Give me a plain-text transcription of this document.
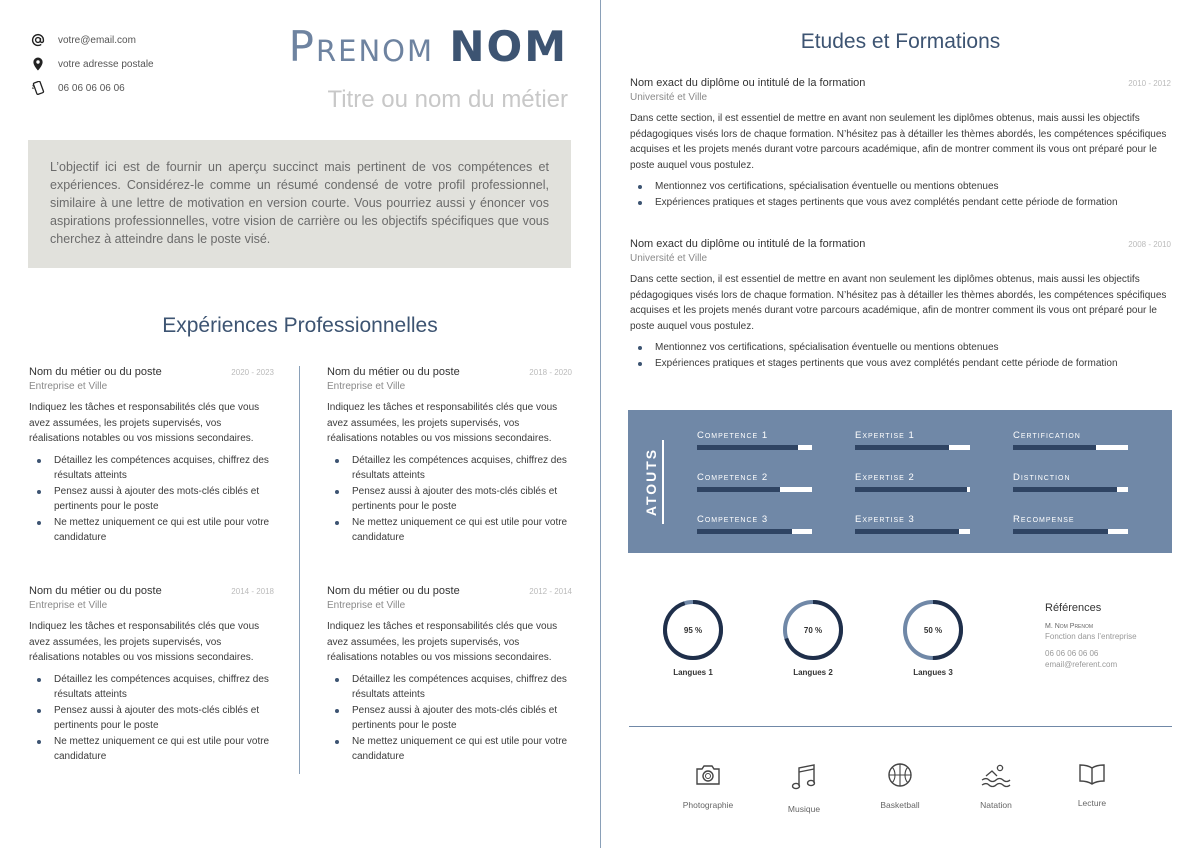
votre@email.com
votre adresse postale
06 06 06 06 06
Prenom NOM
Titre ou nom du métier
L’objectif ici est de fournir un aperçu succinct mais pertinent de vos compétences et expériences. Considérez-le comme un résumé condensé de votre profil professionnel, similaire à une lettre de motivation en version courte. Vous pourriez aussi y énoncer vos aspirations professionnelles, votre vision de carrière ou les objectifs spécifiques que vous cherchez à atteindre dans le poste visé.
Expériences Professionnelles
Nom du métier ou du poste	2020 - 2023
Entreprise et Ville
Indiquez les tâches et responsabilités clés que vous avez assumées, les projets supervisés, vos réalisations notables ou vos missions secondaires.
Détaillez les compétences acquises, chiffrez des résultats atteints
Pensez aussi à ajouter des mots-clés ciblés et pertinents pour le poste
Ne mettez uniquement ce qui est utile pour votre candidature
Nom du métier ou du poste	2018 - 2020
Entreprise et Ville
Indiquez les tâches et responsabilités clés que vous avez assumées, les projets supervisés, vos réalisations notables ou vos missions secondaires.
Détaillez les compétences acquises, chiffrez des résultats atteints
Pensez aussi à ajouter des mots-clés ciblés et pertinents pour le poste
Ne mettez uniquement ce qui est utile pour votre candidature
Nom du métier ou du poste	2014 - 2018
Entreprise et Ville
Indiquez les tâches et responsabilités clés que vous avez assumées, les projets supervisés, vos réalisations notables ou vos missions secondaires.
Détaillez les compétences acquises, chiffrez des résultats atteints
Pensez aussi à ajouter des mots-clés ciblés et pertinents pour le poste
Ne mettez uniquement ce qui est utile pour votre candidature
Nom du métier ou du poste	2012 - 2014
Entreprise et Ville
Indiquez les tâches et responsabilités clés que vous avez assumées, les projets supervisés, vos réalisations notables ou vos missions secondaires.
Détaillez les compétences acquises, chiffrez des résultats atteints
Pensez aussi à ajouter des mots-clés ciblés et pertinents pour le poste
Ne mettez uniquement ce qui est utile pour votre candidature
Etudes et Formations
Nom exact du diplôme ou intitulé de la formation	2010 - 2012
Université et Ville
Dans cette section, il est essentiel de mettre en avant non seulement les diplômes obtenus, mais aussi les objectifs pédagogiques visés lors de chaque formation. N’hésitez pas à détailler les thèmes abordés, les compétences spécifiques acquises et les projets menés durant votre parcours académique, afin de montrer comment ils vous ont préparé pour le poste auquel vous postulez.
Mentionnez vos certifications, spécialisation éventuelle ou mentions obtenues
Expériences pratiques et stages pertinents que vous avez complétés pendant cette période de formation
Nom exact du diplôme ou intitulé de la formation	2008 - 2010
Université et Ville
Dans cette section, il est essentiel de mettre en avant non seulement les diplômes obtenus, mais aussi les objectifs pédagogiques visés lors de chaque formation. N’hésitez pas à détailler les thèmes abordés, les compétences spécifiques acquises et les projets menés durant votre parcours académique, afin de montrer comment ils vous ont préparé pour le poste auquel vous postulez.
Mentionnez vos certifications, spécialisation éventuelle ou mentions obtenues
Expériences pratiques et stages pertinents que vous avez complétés pendant cette période de formation
ATOUTS
Competence 1	Expertise 1	Certification
Competence 2	Expertise 2	Distinction
Competence 3	Expertise 3	Recompense
95 %
Langues 1
70 %
Langues 2
50 %
Langues 3
Références
M. Nom Prenom
Fonction dans l’entreprise
06 06 06 06 06
email@referent.com
Photographie	Musique	Basketball	Natation	Lecture
